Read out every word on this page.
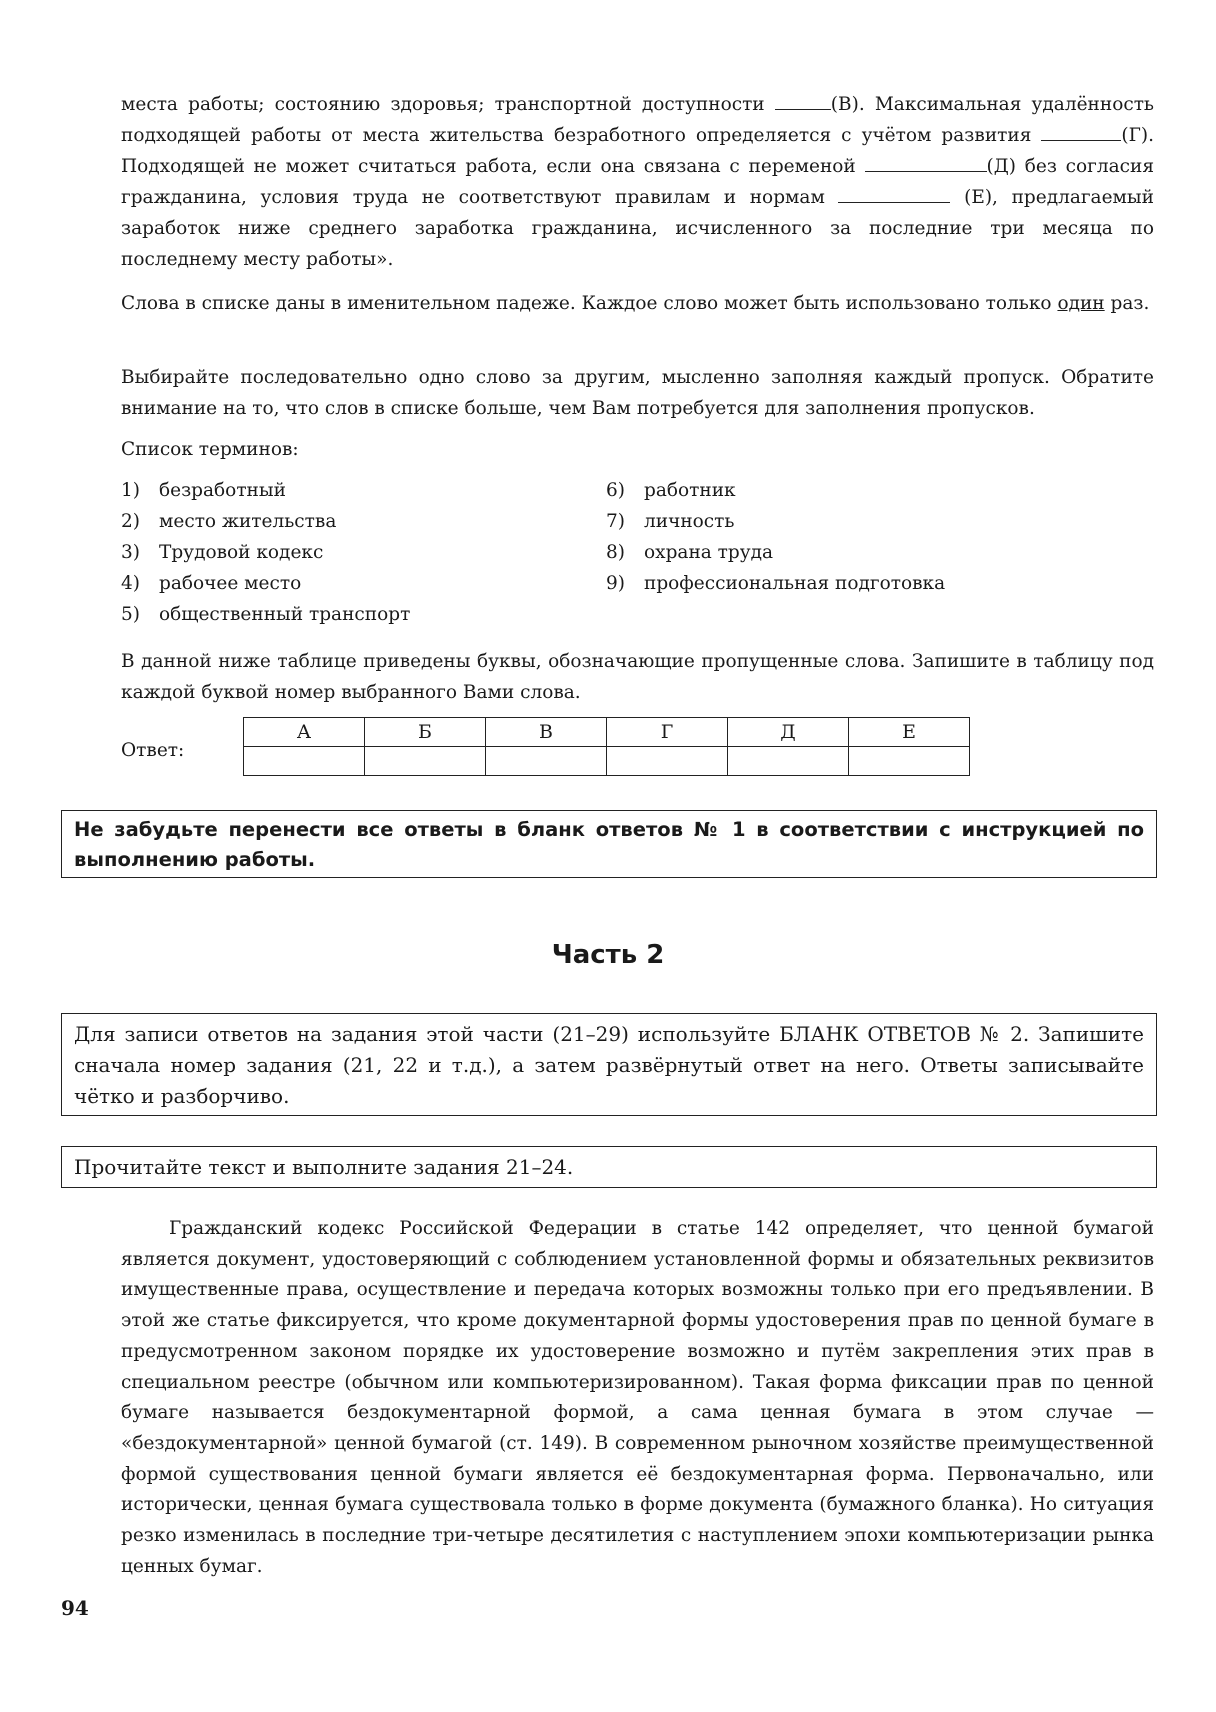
места работы; состоянию здоровья; транспортной доступности	(В). Максимальная удалённость подходящей работы от места жительства безработного определяется с учётом развития	(Г). Подходящей не может считаться работа, если она связана с переменой	(Д) без согласия гражданина, условия труда не соответствуют правилам и нормам	(Е), предлагаемый заработок ниже среднего заработка гражданина, исчисленного за последние три месяца по последнему месту работы».

Слова в списке даны в именительном падеже. Каждое слово может быть использовано только один раз.

Выбирайте последовательно одно слово за другим, мысленно заполняя каждый пропуск. Обратите внимание на то, что слов в списке больше, чем Вам потребуется для заполнения пропусков.

Список терминов:

1) безработный
2) место жительства
3) Трудовой кодекс
4) рабочее место
5) общественный транспорт
6) работник
7) личность
8) охрана труда
9) профессиональная подготовка

В данной ниже таблице приведены буквы, обозначающие пропущенные слова. Запишите в таблицу под каждой буквой номер выбранного Вами слова.

Ответ:
А	Б	В	Г	Д	Е

Не забудьте перенести все ответы в бланк ответов № 1 в соответствии с инструкцией по выполнению работы.
Часть 2
Для записи ответов на задания этой части (21–29) используйте БЛАНК ОТВЕТОВ № 2. Запишите сначала номер задания (21, 22 и т.д.), а затем развёрнутый ответ на него. Ответы записывайте чётко и разборчиво.
Прочитайте текст и выполните задания 21–24.
Гражданский кодекс Российской Федерации в статье 142 определяет, что ценной бумагой является документ, удостоверяющий с соблюдением установленной формы и обязательных реквизитов имущественные права, осуществление и передача которых возможны только при его предъявлении. В этой же статье фиксируется, что кроме документарной формы удостоверения прав по ценной бумаге в предусмотренном законом порядке их удостоверение возможно и путём закрепления этих прав в специальном реестре (обычном или компьютеризированном). Такая форма фиксации прав по ценной бумаге называется бездокументарной формой, а сама ценная бумага в этом случае — «бездокументарной» ценной бумагой (ст. 149). В современном рыночном хозяйстве преимущественной формой существования ценной бумаги является её бездокументарная форма. Первоначально, или исторически, ценная бумага существовала только в форме документа (бумажного бланка). Но ситуация резко изменилась в последние три-четыре десятилетия с наступлением эпохи компьютеризации рынка ценных бумаг.
94
